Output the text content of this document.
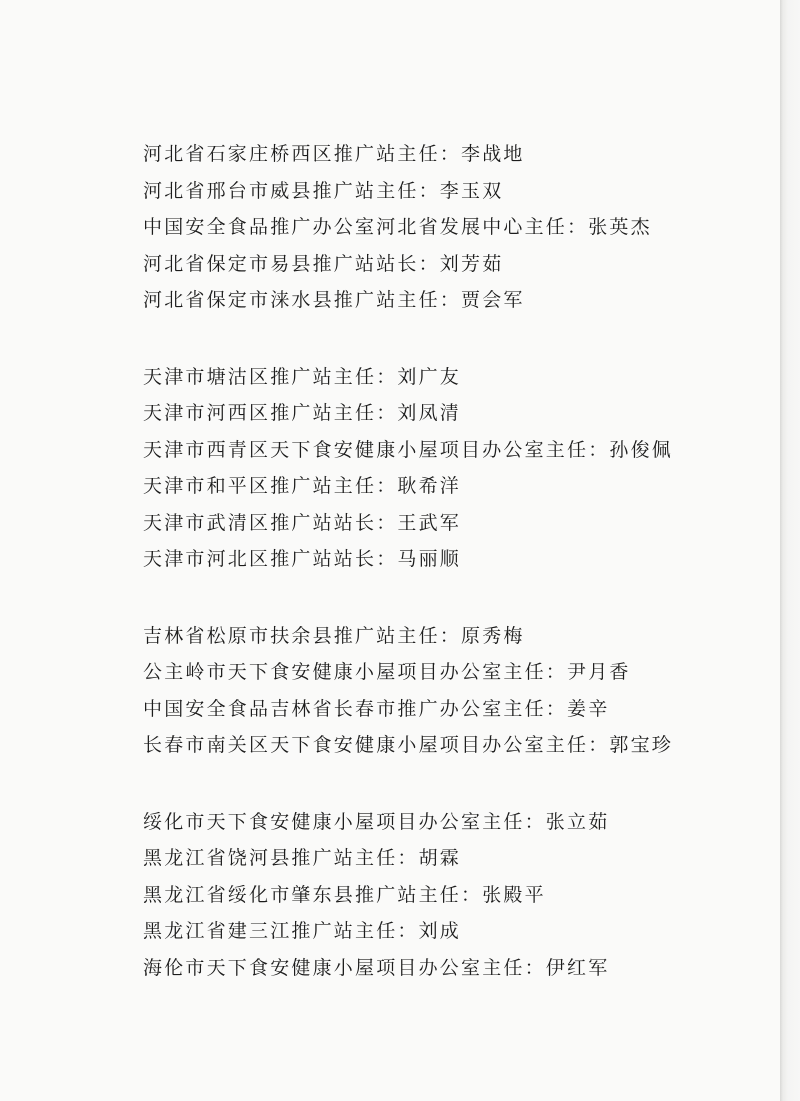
河北省石家庄桥西区推广站主任：李战地
河北省邢台市威县推广站主任：李玉双
中国安全食品推广办公室河北省发展中心主任：张英杰
河北省保定市易县推广站站长：刘芳茹
河北省保定市涞水县推广站主任：贾会军
天津市塘沽区推广站主任：刘广友
天津市河西区推广站主任：刘凤清
天津市西青区天下食安健康小屋项目办公室主任：孙俊佩
天津市和平区推广站主任：耿希洋
天津市武清区推广站站长：王武军
天津市河北区推广站站长：马丽顺
吉林省松原市扶余县推广站主任：原秀梅
公主岭市天下食安健康小屋项目办公室主任：尹月香
中国安全食品吉林省长春市推广办公室主任：姜辛
长春市南关区天下食安健康小屋项目办公室主任：郭宝珍
绥化市天下食安健康小屋项目办公室主任：张立茹
黑龙江省饶河县推广站主任：胡霖
黑龙江省绥化市肇东县推广站主任：张殿平
黑龙江省建三江推广站主任：刘成
海伦市天下食安健康小屋项目办公室主任：伊红军
